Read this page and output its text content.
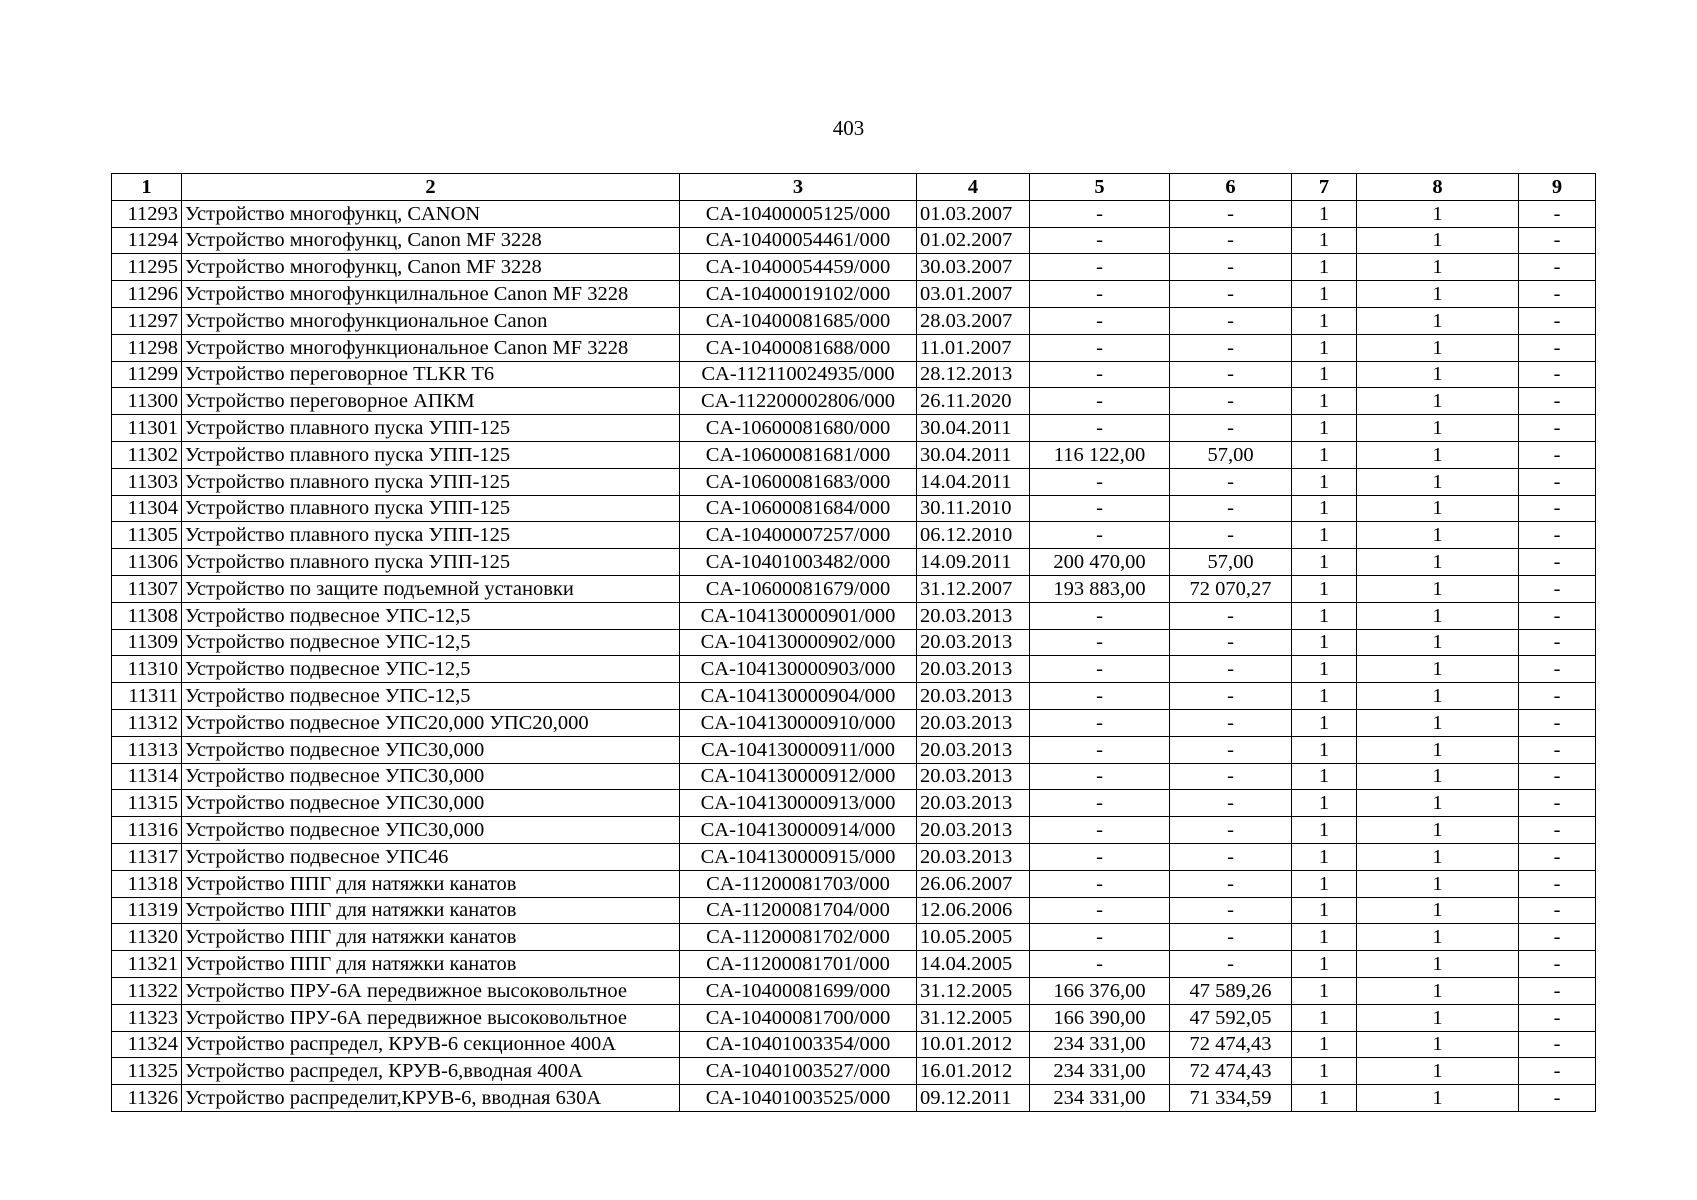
403
1	2	3	4	5	6	7	8	9
11293	Устройство многофункц, CANON	CA-10400005125/000	01.03.2007	-	-	1	1	-
11294	Устройство многофункц, Canon MF 3228	CA-10400054461/000	01.02.2007	-	-	1	1	-
11295	Устройство многофункц, Canon MF 3228	CA-10400054459/000	30.03.2007	-	-	1	1	-
11296	Устройство многофункцилнальное Canon MF 3228	CA-10400019102/000	03.01.2007	-	-	1	1	-
11297	Устройство многофункциональное Canon	CA-10400081685/000	28.03.2007	-	-	1	1	-
11298	Устройство многофункциональное Canon MF 3228	CA-10400081688/000	11.01.2007	-	-	1	1	-
11299	Устройство переговорное TLKR T6	CA-112110024935/000	28.12.2013	-	-	1	1	-
11300	Устройство переговорное АПКМ	CA-112200002806/000	26.11.2020	-	-	1	1	-
11301	Устройство плавного пуска УПП-125	CA-10600081680/000	30.04.2011	-	-	1	1	-
11302	Устройство плавного пуска УПП-125	CA-10600081681/000	30.04.2011	116 122,00	57,00	1	1	-
11303	Устройство плавного пуска УПП-125	CA-10600081683/000	14.04.2011	-	-	1	1	-
11304	Устройство плавного пуска УПП-125	CA-10600081684/000	30.11.2010	-	-	1	1	-
11305	Устройство плавного пуска УПП-125	CA-10400007257/000	06.12.2010	-	-	1	1	-
11306	Устройство плавного пуска УПП-125	CA-10401003482/000	14.09.2011	200 470,00	57,00	1	1	-
11307	Устройство по защите подъемной установки	CA-10600081679/000	31.12.2007	193 883,00	72 070,27	1	1	-
11308	Устройство подвесное УПС-12,5	CA-104130000901/000	20.03.2013	-	-	1	1	-
11309	Устройство подвесное УПС-12,5	CA-104130000902/000	20.03.2013	-	-	1	1	-
11310	Устройство подвесное УПС-12,5	CA-104130000903/000	20.03.2013	-	-	1	1	-
11311	Устройство подвесное УПС-12,5	CA-104130000904/000	20.03.2013	-	-	1	1	-
11312	Устройство подвесное УПС20,000 УПС20,000	CA-104130000910/000	20.03.2013	-	-	1	1	-
11313	Устройство подвесное УПС30,000	CA-104130000911/000	20.03.2013	-	-	1	1	-
11314	Устройство подвесное УПС30,000	CA-104130000912/000	20.03.2013	-	-	1	1	-
11315	Устройство подвесное УПС30,000	CA-104130000913/000	20.03.2013	-	-	1	1	-
11316	Устройство подвесное УПС30,000	CA-104130000914/000	20.03.2013	-	-	1	1	-
11317	Устройство подвесное УПС46	CA-104130000915/000	20.03.2013	-	-	1	1	-
11318	Устройство ППГ для натяжки канатов	CA-11200081703/000	26.06.2007	-	-	1	1	-
11319	Устройство ППГ для натяжки канатов	CA-11200081704/000	12.06.2006	-	-	1	1	-
11320	Устройство ППГ для натяжки канатов	CA-11200081702/000	10.05.2005	-	-	1	1	-
11321	Устройство ППГ для натяжки канатов	CA-11200081701/000	14.04.2005	-	-	1	1	-
11322	Устройство ПРУ-6А передвижное высоковольтное	CA-10400081699/000	31.12.2005	166 376,00	47 589,26	1	1	-
11323	Устройство ПРУ-6А передвижное высоковольтное	CA-10400081700/000	31.12.2005	166 390,00	47 592,05	1	1	-
11324	Устройство распредел, КРУВ-6 секционное 400А	CA-10401003354/000	10.01.2012	234 331,00	72 474,43	1	1	-
11325	Устройство распредел, КРУВ-6,вводная 400А	CA-10401003527/000	16.01.2012	234 331,00	72 474,43	1	1	-
11326	Устройство распределит,КРУВ-6, вводная 630А	CA-10401003525/000	09.12.2011	234 331,00	71 334,59	1	1	-
